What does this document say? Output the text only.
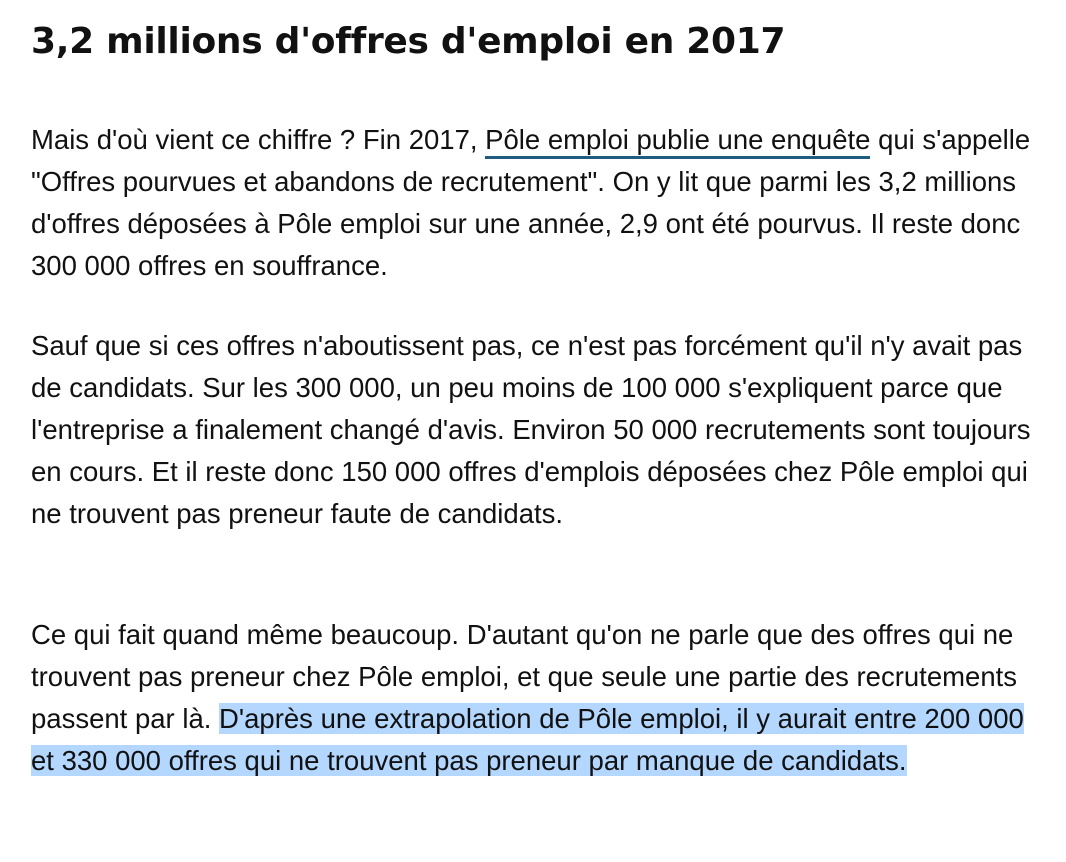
3,2 millions d'offres d'emploi en 2017

Mais d'où vient ce chiffre ? Fin 2017, Pôle emploi publie une enquête qui s'appelle "Offres pourvues et abandons de recrutement". On y lit que parmi les 3,2 millions d'offres déposées à Pôle emploi sur une année, 2,9 ont été pourvus. Il reste donc 300 000 offres en souffrance.

Sauf que si ces offres n'aboutissent pas, ce n'est pas forcément qu'il n'y avait pas de candidats. Sur les 300 000, un peu moins de 100 000 s'expliquent parce que l'entreprise a finalement changé d'avis. Environ 50 000 recrutements sont toujours en cours. Et il reste donc 150 000 offres d'emplois déposées chez Pôle emploi qui ne trouvent pas preneur faute de candidats.

Ce qui fait quand même beaucoup. D'autant qu'on ne parle que des offres qui ne trouvent pas preneur chez Pôle emploi, et que seule une partie des recrutements passent par là. D'après une extrapolation de Pôle emploi, il y aurait entre 200 000 et 330 000 offres qui ne trouvent pas preneur par manque de candidats.
